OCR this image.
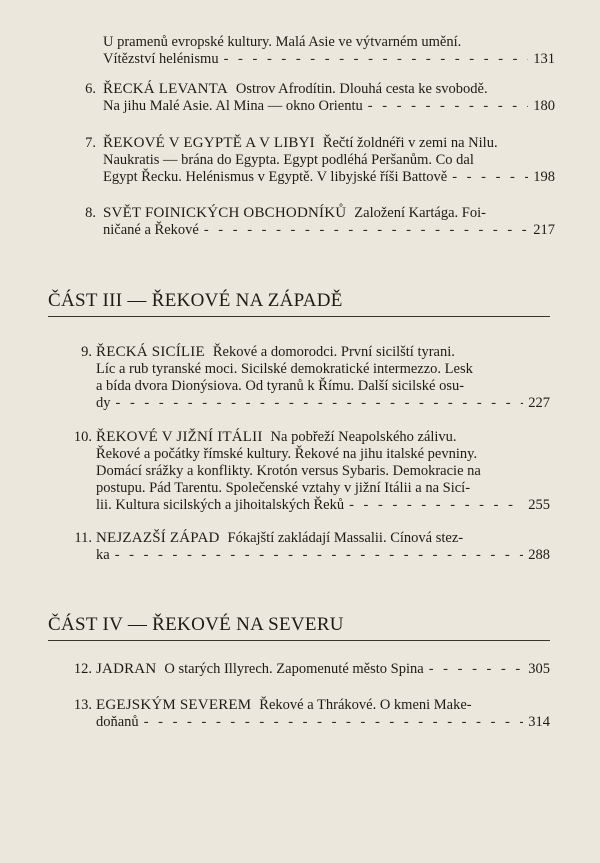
U pramenů evropské kultury. Malá Asie ve výtvarném umění.
Vítězství helénismu - - -	131
6. ŘECKÁ LEVANTA Ostrov Afrodítin. Dlouhá cesta ke svobodě.
Na jihu Malé Asie. Al Mina — okno Orientu - - -	180
7. ŘEKOVÉ V EGYPTĚ A V LIBYI Řečtí žoldnéři v zemi na Nilu.
Naukratis — brána do Egypta. Egypt podléhá Peršanům. Co dal
Egypt Řecku. Helénismus v Egyptě. V libyjské říši Battově - - -	198
8. SVĚT FOINICKÝCH OBCHODNÍKŮ Založení Kartága. Foi-
ničané a Řekové - - -	217
ČÁST III — ŘEKOVÉ NA ZÁPADĚ
9. ŘECKÁ SICÍLIE Řekové a domorodci. První sicilští tyrani.
Líc a rub tyranské moci. Sicilské demokratické intermezzo. Lesk
a bída dvora Dionýsiova. Od tyranů k Římu. Další sicilské osu-
dy - - -	227
10. ŘEKOVÉ V JIŽNÍ ITÁLII Na pobřeží Neapolského zálivu.
Řekové a počátky římské kultury. Řekové na jihu italské pevniny.
Domácí srážky a konflikty. Krotón versus Sybaris. Demokracie na
postupu. Pád Tarentu. Společenské vztahy v jižní Itálii a na Sicí-
lii. Kultura sicilských a jihoitalských Řeků - - -	255
11. NEJZAZŠÍ ZÁPAD Fókajští zakládají Massalii. Cínová stez-
ka - - -	288
ČÁST IV — ŘEKOVÉ NA SEVERU
12. JADRAN O starých Illyrech. Zapomenuté město Spina - - -	305
13. EGEJSKÝM SEVEREM Řekové a Thrákové. O kmeni Make-
doňanů - - -	314
